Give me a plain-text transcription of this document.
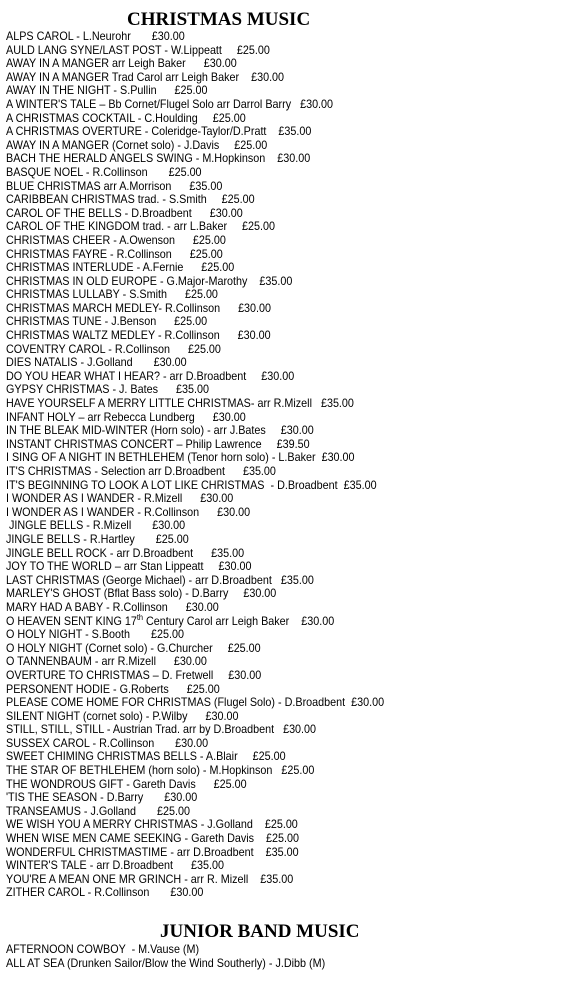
CHRISTMAS MUSIC
ALPS CAROL - L.Neurohr       £30.00
AULD LANG SYNE/LAST POST - W.Lippeatt     £25.00
AWAY IN A MANGER arr Leigh Baker      £30.00
AWAY IN A MANGER Trad Carol arr Leigh Baker    £30.00
AWAY IN THE NIGHT - S.Pullin      £25.00
A WINTER'S TALE – Bb Cornet/Flugel Solo arr Darrol Barry   £30.00
A CHRISTMAS COCKTAIL - C.Houlding     £25.00
A CHRISTMAS OVERTURE - Coleridge-Taylor/D.Pratt    £35.00
AWAY IN A MANGER (Cornet solo) - J.Davis     £25.00
BACH THE HERALD ANGELS SWING - M.Hopkinson    £30.00
BASQUE NOEL - R.Collinson       £25.00
BLUE CHRISTMAS arr A.Morrison      £35.00
CARIBBEAN CHRISTMAS trad. - S.Smith     £25.00
CAROL OF THE BELLS - D.Broadbent      £30.00
CAROL OF THE KINGDOM trad. - arr L.Baker     £25.00
CHRISTMAS CHEER - A.Owenson      £25.00
CHRISTMAS FAYRE - R.Collinson      £25.00
CHRISTMAS INTERLUDE - A.Fernie      £25.00
CHRISTMAS IN OLD EUROPE - G.Major-Marothy    £35.00
CHRISTMAS LULLABY - S.Smith      £25.00
CHRISTMAS MARCH MEDLEY- R.Collinson      £30.00
CHRISTMAS TUNE - J.Benson      £25.00
CHRISTMAS WALTZ MEDLEY - R.Collinson      £30.00
COVENTRY CAROL - R.Collinson      £25.00
DIES NATALIS - J.Golland       £30.00
DO YOU HEAR WHAT I HEAR? - arr D.Broadbent     £30.00
GYPSY CHRISTMAS - J. Bates      £35.00
HAVE YOURSELF A MERRY LITTLE CHRISTMAS- arr R.Mizell   £35.00
INFANT HOLY – arr Rebecca Lundberg      £30.00
IN THE BLEAK MID-WINTER (Horn solo) - arr J.Bates     £30.00
INSTANT CHRISTMAS CONCERT – Philip Lawrence     £39.50
I SING OF A NIGHT IN BETHLEHEM (Tenor horn solo) - L.Baker  £30.00
IT'S CHRISTMAS - Selection arr D.Broadbent      £35.00
IT'S BEGINNING TO LOOK A LOT LIKE CHRISTMAS  - D.Broadbent  £35.00
I WONDER AS I WANDER - R.Mizell      £30.00
I WONDER AS I WANDER - R.Collinson      £30.00
JINGLE BELLS - R.Mizell       £30.00
JINGLE BELLS - R.Hartley       £25.00
JINGLE BELL ROCK - arr D.Broadbent      £35.00
JOY TO THE WORLD – arr Stan Lippeatt     £30.00
LAST CHRISTMAS (George Michael) - arr D.Broadbent   £35.00
MARLEY'S GHOST (Bflat Bass solo) - D.Barry     £30.00
MARY HAD A BABY - R.Collinson      £30.00
O HEAVEN SENT KING 17th Century Carol arr Leigh Baker    £30.00
O HOLY NIGHT - S.Booth       £25.00
O HOLY NIGHT (Cornet solo) - G.Churcher     £25.00
O TANNENBAUM - arr R.Mizell      £30.00
OVERTURE TO CHRISTMAS – D. Fretwell     £30.00
PERSONENT HODIE - G.Roberts      £25.00
PLEASE COME HOME FOR CHRISTMAS (Flugel Solo) - D.Broadbent  £30.00
SILENT NIGHT (cornet solo) - P.Wilby      £30.00
STILL, STILL, STILL - Austrian Trad. arr by D.Broadbent   £30.00
SUSSEX CAROL - R.Collinson       £30.00
SWEET CHIMING CHRISTMAS BELLS - A.Blair     £25.00
THE STAR OF BETHLEHEM (horn solo) - M.Hopkinson   £25.00
THE WONDROUS GIFT - Gareth Davis      £25.00
'TIS THE SEASON - D.Barry       £30.00
TRANSEAMUS - J.Golland       £25.00
WE WISH YOU A MERRY CHRISTMAS - J.Golland    £25.00
WHEN WISE MEN CAME SEEKING - Gareth Davis    £25.00
WONDERFUL CHRISTMASTIME - arr D.Broadbent    £35.00
WINTER'S TALE - arr D.Broadbent      £35.00
YOU'RE A MEAN ONE MR GRINCH - arr R. Mizell    £35.00
ZITHER CAROL - R.Collinson       £30.00
JUNIOR BAND MUSIC
AFTERNOON COWBOY  - M.Vause (M)
ALL AT SEA (Drunken Sailor/Blow the Wind Southerly) - J.Dibb (M)
